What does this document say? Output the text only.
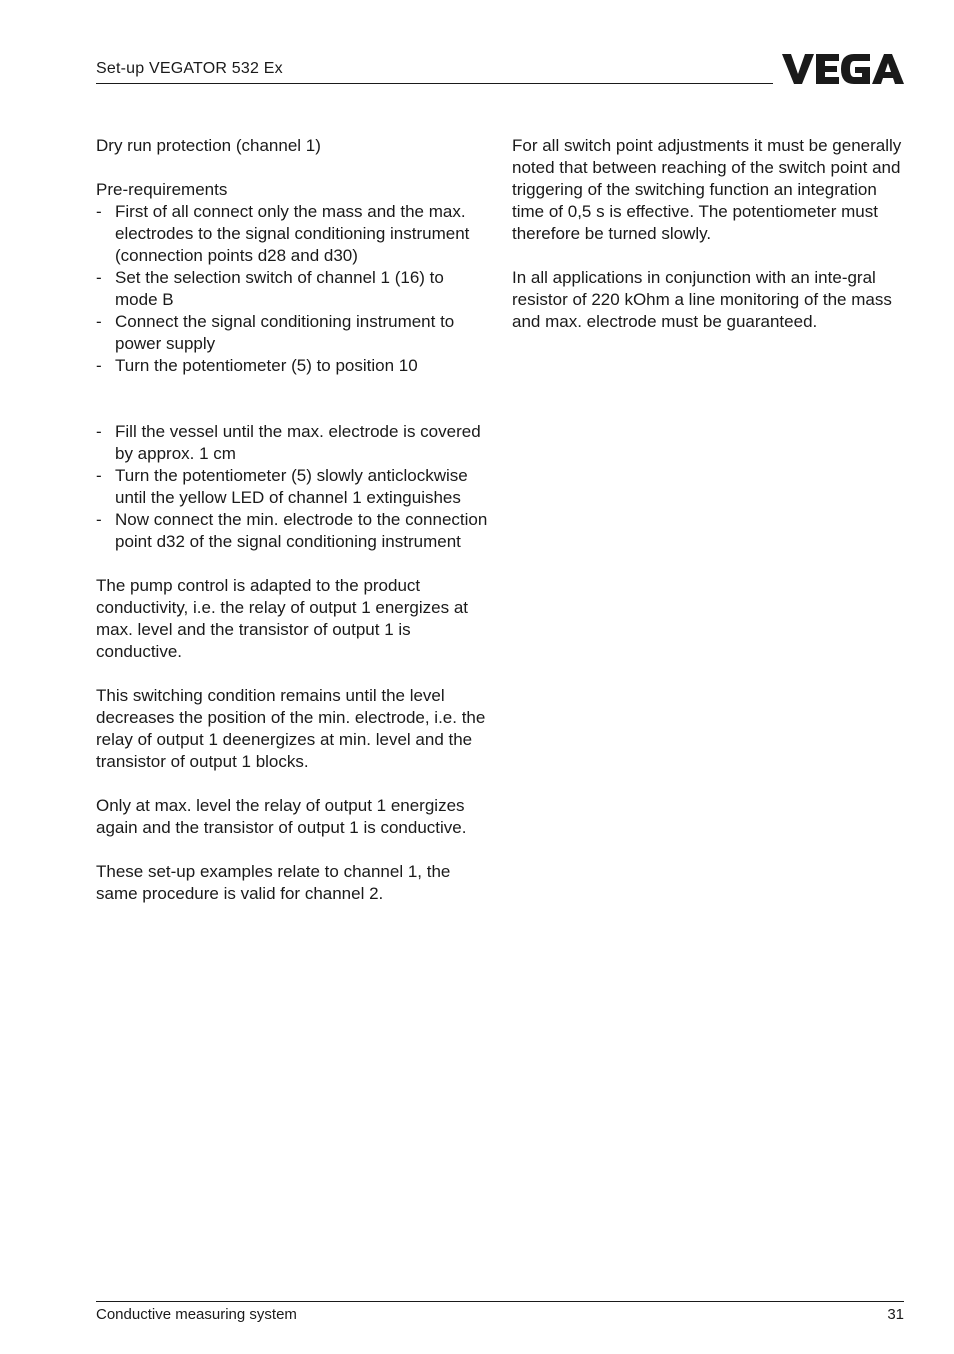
Set-up VEGATOR 532 Ex

Dry run protection (channel 1)

Pre-requirements

- First of all connect only the mass and the max. electrodes to the signal conditioning instrument (connection points d28 and d30)
- Set the selection switch of channel 1 (16) to mode B
- Connect the signal conditioning instrument to power supply
- Turn the potentiometer (5) to position 10
- Fill the vessel until the max. electrode is covered by approx. 1 cm
- Turn the potentiometer (5) slowly anticlockwise until the yellow LED of channel 1 extinguishes
- Now connect the min. electrode to the connection point d32 of the signal conditioning instrument

The pump control is adapted to the product conductivity, i.e. the relay of output 1 energizes at max. level and the transistor of output 1 is conductive.

This switching condition remains until the level decreases the position of the min. electrode, i.e. the relay of output 1 deenergizes at min. level and the transistor of output 1 blocks.

Only at max. level the relay of output 1 energizes again and the transistor of output 1 is conductive.

These set-up examples relate to channel 1, the same procedure is valid for channel 2.

For all switch point adjustments it must be generally noted that between reaching of the switch point and triggering of the switching function an integration time of 0,5 s is effective. The potentiometer must therefore be turned slowly.

In all applications in conjunction with an inte-gral resistor of 220 kOhm a line monitoring of the mass and max. electrode must be guaranteed.

Conductive measuring system	31
